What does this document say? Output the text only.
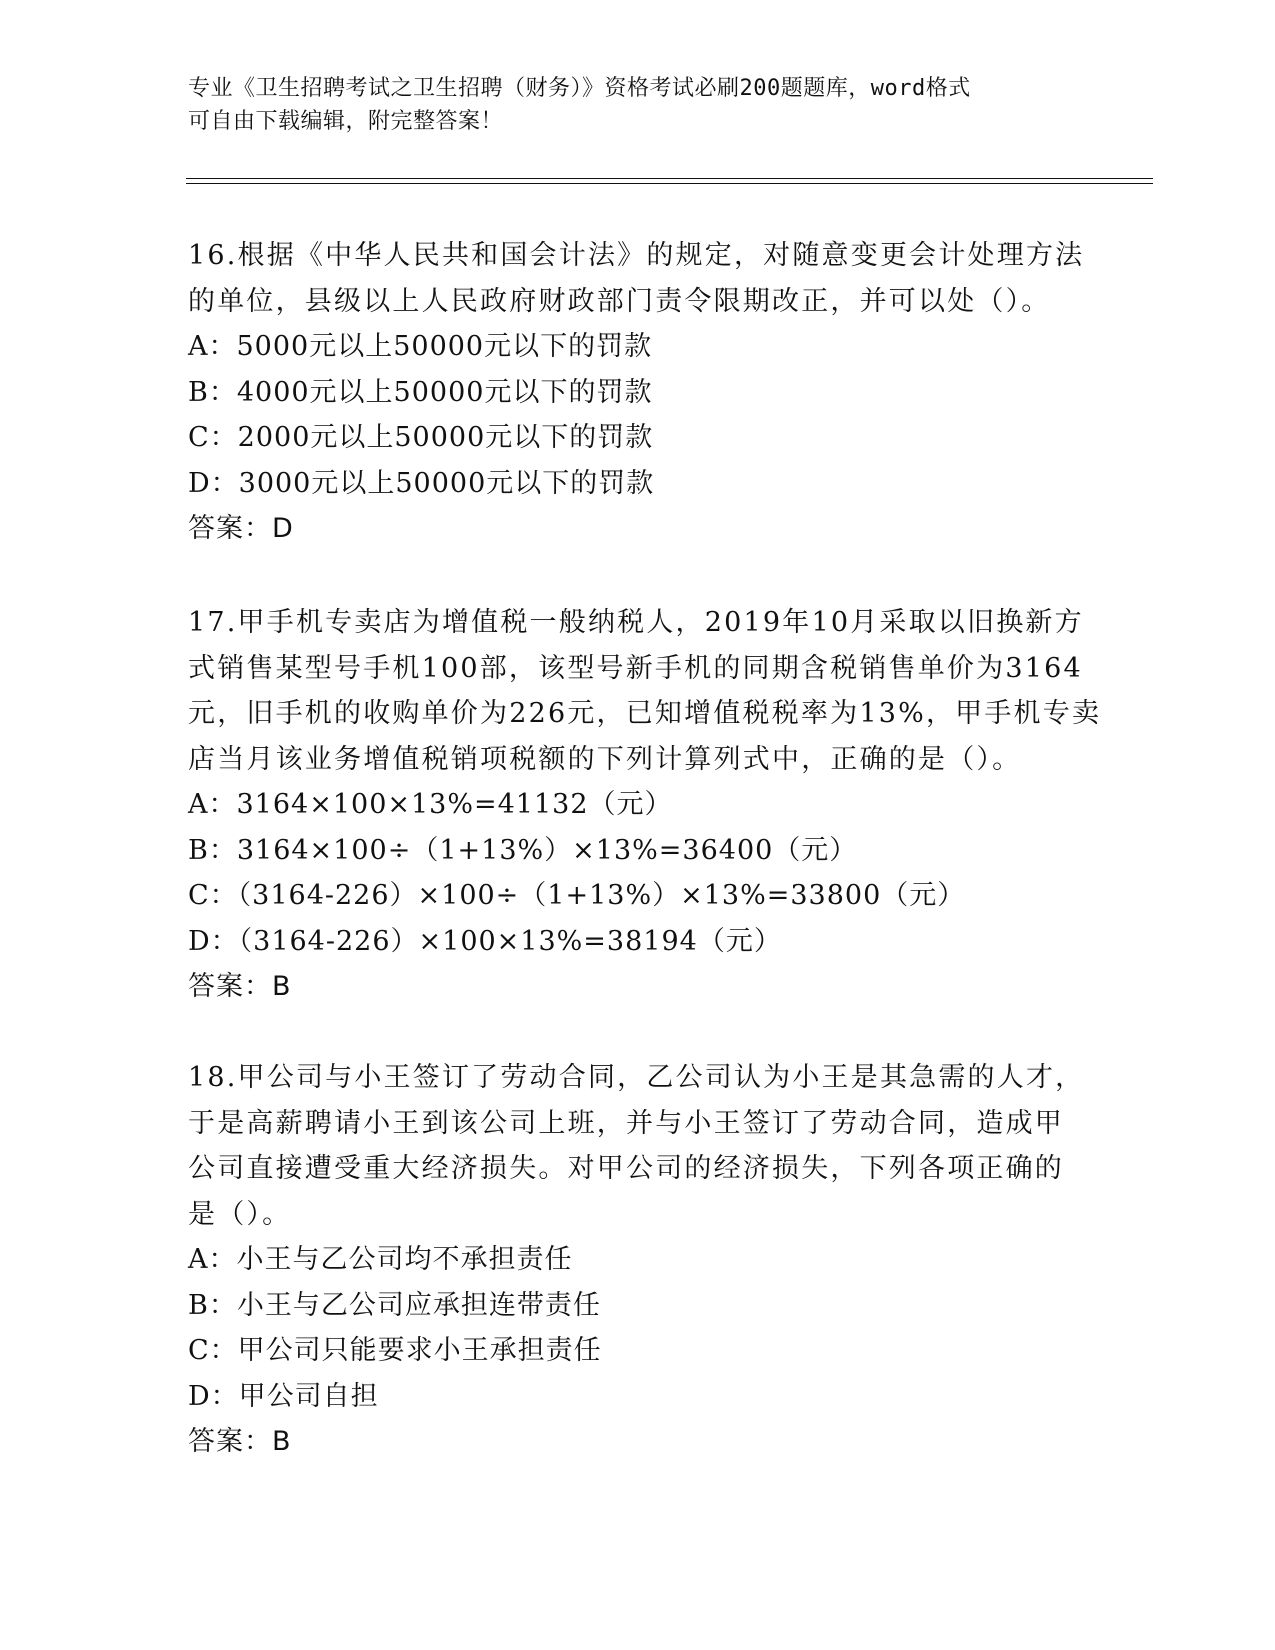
专业《卫生招聘考试之卫生招聘（财务）》资格考试必刷200题题库，word格式
可自由下载编辑，附完整答案！
16.根据《中华人民共和国会计法》的规定，对随意变更会计处理方法
的单位，县级以上人民政府财政部门责令限期改正，并可以处（）。
A：5000元以上50000元以下的罚款
B：4000元以上50000元以下的罚款
C：2000元以上50000元以下的罚款
D：3000元以上50000元以下的罚款
答案：D
17.甲手机专卖店为增值税一般纳税人，2019年10月采取以旧换新方
式销售某型号手机100部，该型号新手机的同期含税销售单价为3164
元，旧手机的收购单价为226元，已知增值税税率为13%，甲手机专卖
店当月该业务增值税销项税额的下列计算列式中，正确的是（）。
A：3164×100×13%=41132（元）
B：3164×100÷（1+13%）×13%=36400（元）
C：（3164-226）×100÷（1+13%）×13%=33800（元）
D：（3164-226）×100×13%=38194（元）
答案：B
18.甲公司与小王签订了劳动合同，乙公司认为小王是其急需的人才，
于是高薪聘请小王到该公司上班，并与小王签订了劳动合同，造成甲
公司直接遭受重大经济损失。对甲公司的经济损失，下列各项正确的
是（）。
A：小王与乙公司均不承担责任
B：小王与乙公司应承担连带责任
C：甲公司只能要求小王承担责任
D：甲公司自担
答案：B
